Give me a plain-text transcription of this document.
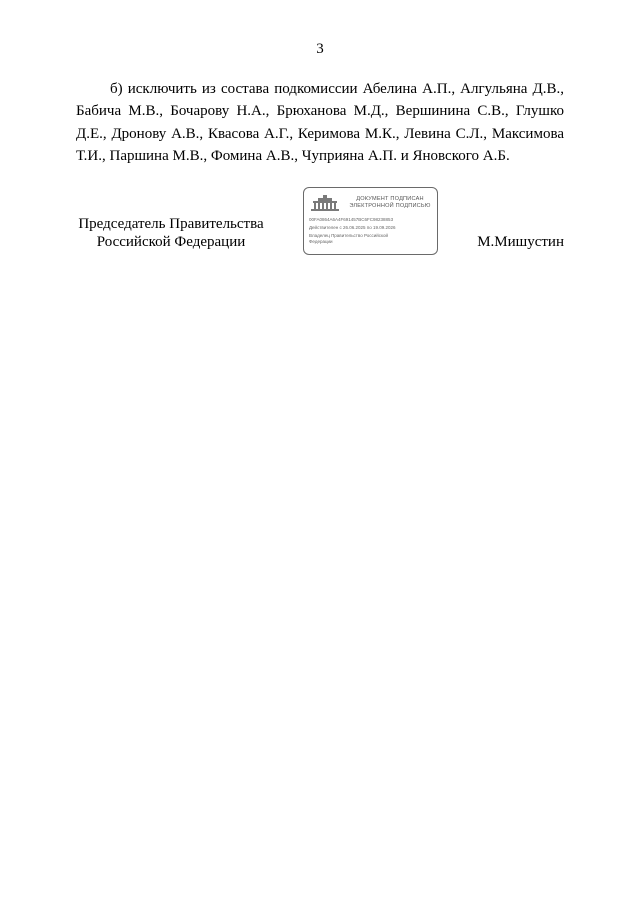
3
б) исключить из состава подкомиссии Абелина А.П., Алгульяна Д.В., Бабича М.В., Бочарову Н.А., Брюханова М.Д., Вершинина С.В., Глушко Д.Е., Дронову А.В., Квасова А.Г., Керимова М.К., Левина С.Л., Максимова Т.И., Паршина М.В., Фомина А.В., Чуприяна А.П. и Яновского А.Б.
Председатель Правительства
Российской Федерации
ДОКУМЕНТ ПОДПИСАН
ЭЛЕКТРОННОЙ ПОДПИСЬЮ
00FA0864A6A4F691457BC6FC98238853
Действителен с 26.06.2025 по 19.09.2026
Владелец Правительство Российской
Федерации	М.Мишустин
